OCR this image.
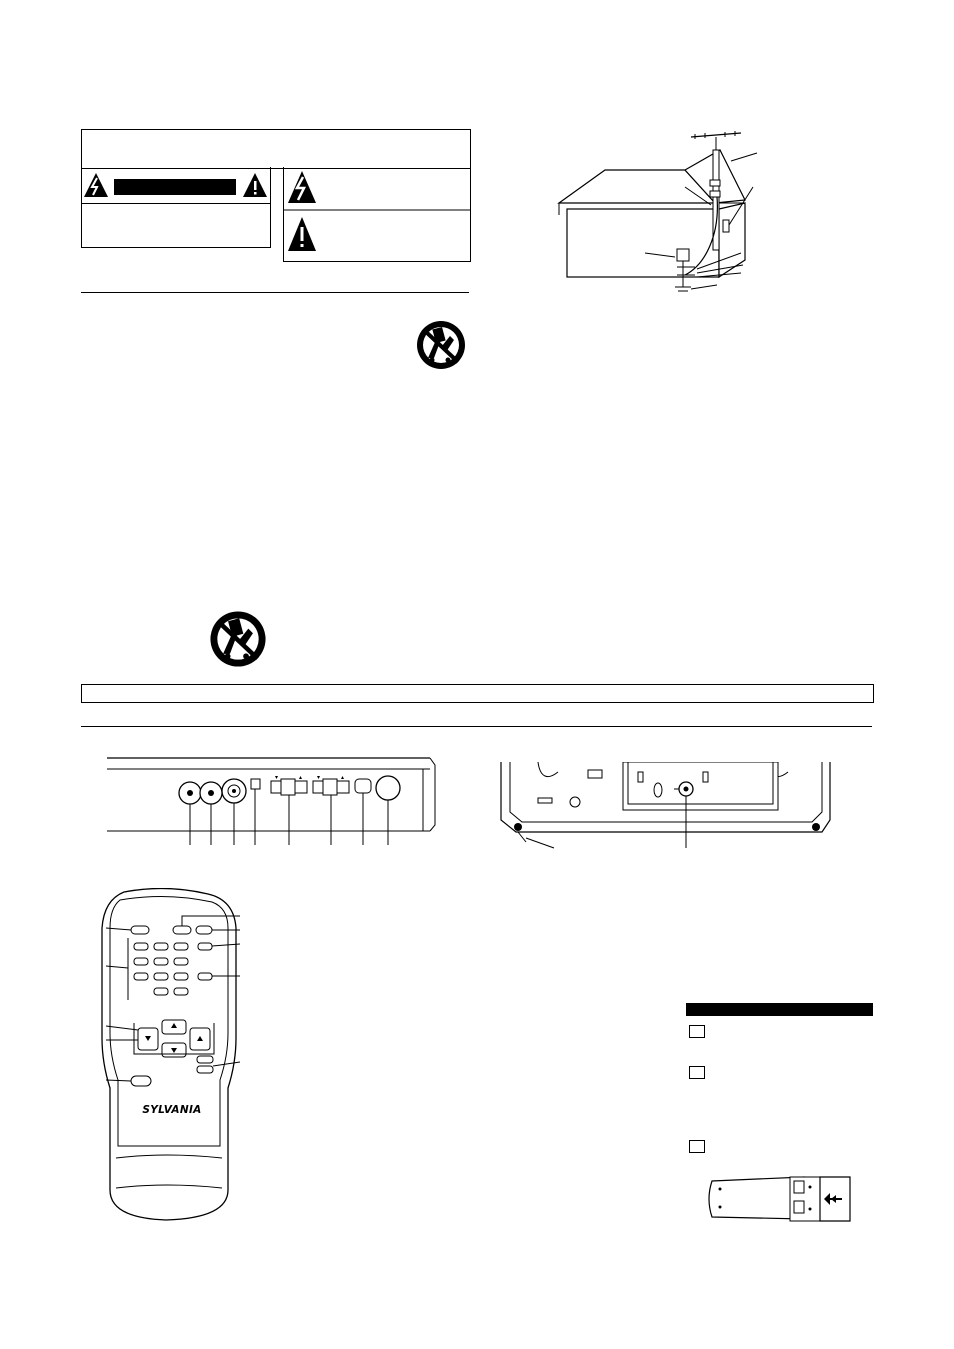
SYLVANIA
